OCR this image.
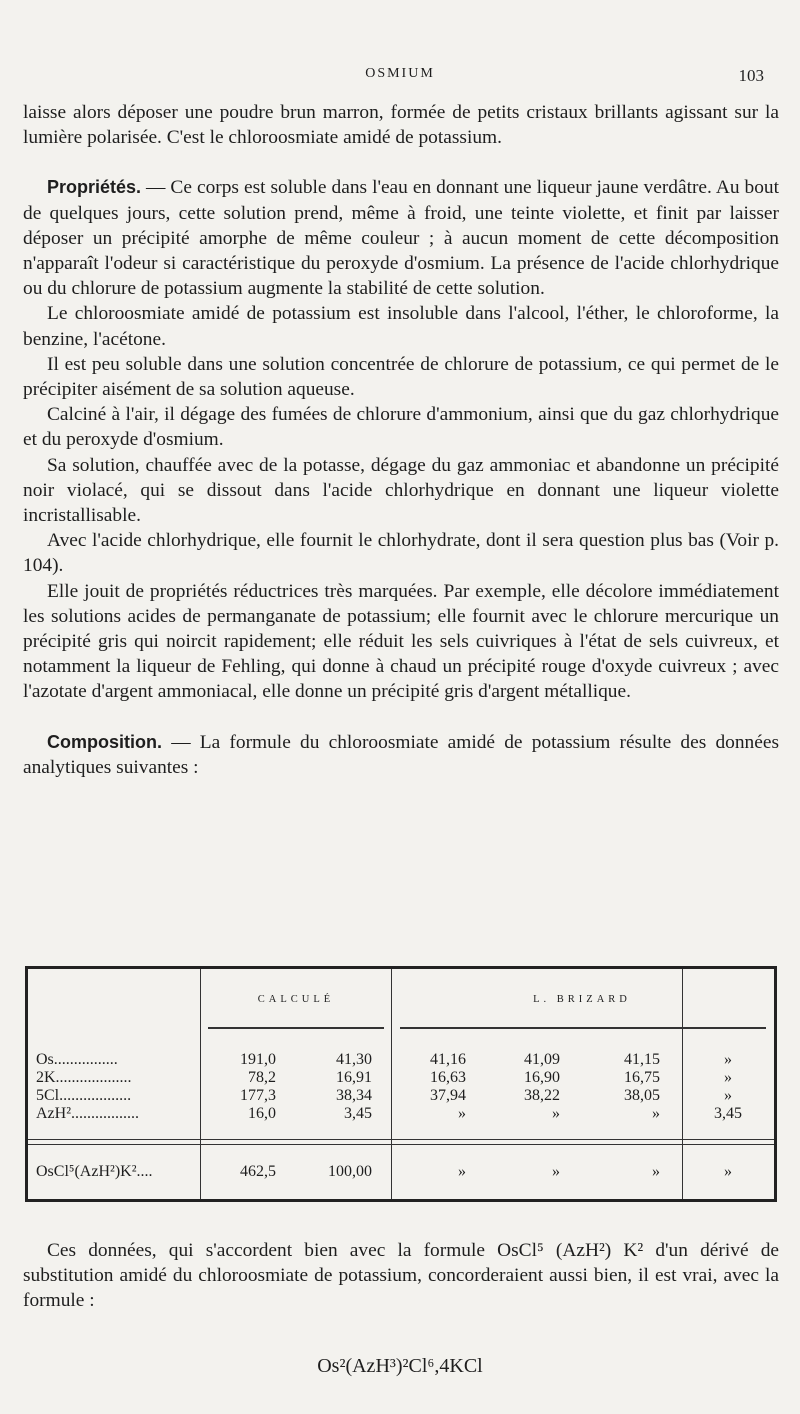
OSMIUM	103

laisse alors déposer une poudre brun marron, formée de petits cristaux brillants agissant sur la lumière polarisée. C'est le chloroosmiate amidé de potassium.

Propriétés. — Ce corps est soluble dans l'eau en donnant une liqueur jaune verdâtre. Au bout de quelques jours, cette solution prend, même à froid, une teinte violette, et finit par laisser déposer un précipité amorphe de même couleur ; à aucun moment de cette décomposition n'apparaît l'odeur si caractéristique du peroxyde d'osmium. La présence de l'acide chlorhydrique ou du chlorure de potassium augmente la stabilité de cette solution.

Le chloroosmiate amidé de potassium est insoluble dans l'alcool, l'éther, le chloroforme, la benzine, l'acétone.

Il est peu soluble dans une solution concentrée de chlorure de potassium, ce qui permet de le précipiter aisément de sa solution aqueuse.

Calciné à l'air, il dégage des fumées de chlorure d'ammonium, ainsi que du gaz chlorhydrique et du peroxyde d'osmium.

Sa solution, chauffée avec de la potasse, dégage du gaz ammoniac et abandonne un précipité noir violacé, qui se dissout dans l'acide chlorhydrique en donnant une liqueur violette incristallisable.

Avec l'acide chlorhydrique, elle fournit le chlorhydrate, dont il sera question plus bas (Voir p. 104).

Elle jouit de propriétés réductrices très marquées. Par exemple, elle décolore immédiatement les solutions acides de permanganate de potassium; elle fournit avec le chlorure mercurique un précipité gris qui noircit rapidement; elle réduit les sels cuivriques à l'état de sels cuivreux, et notamment la liqueur de Fehling, qui donne à chaud un précipité rouge d'oxyde cuivreux ; avec l'azotate d'argent ammoniacal, elle donne un précipité gris d'argent métallique.

Composition. — La formule du chloroosmiate amidé de potassium résulte des données analytiques suivantes :

CALCULÉ	L. BRIZARD
Os................	191,0	41,30	41,16	41,09	41,15	»
2K...................	78,2	16,91	16,63	16,90	16,75	»
5Cl..................	177,3	38,34	37,94	38,22	38,05	»
AzH².................	16,0	3,45	»	»	»	3,45
OsCl⁵(AzH²)K²....	462,5	100,00	»	»	»	»

Ces données, qui s'accordent bien avec la formule OsCl⁵ (AzH²) K² d'un dérivé de substitution amidé du chloroosmiate de potassium, concorderaient aussi bien, il est vrai, avec la formule :

Os²(AzH³)²Cl⁶,4KCl
